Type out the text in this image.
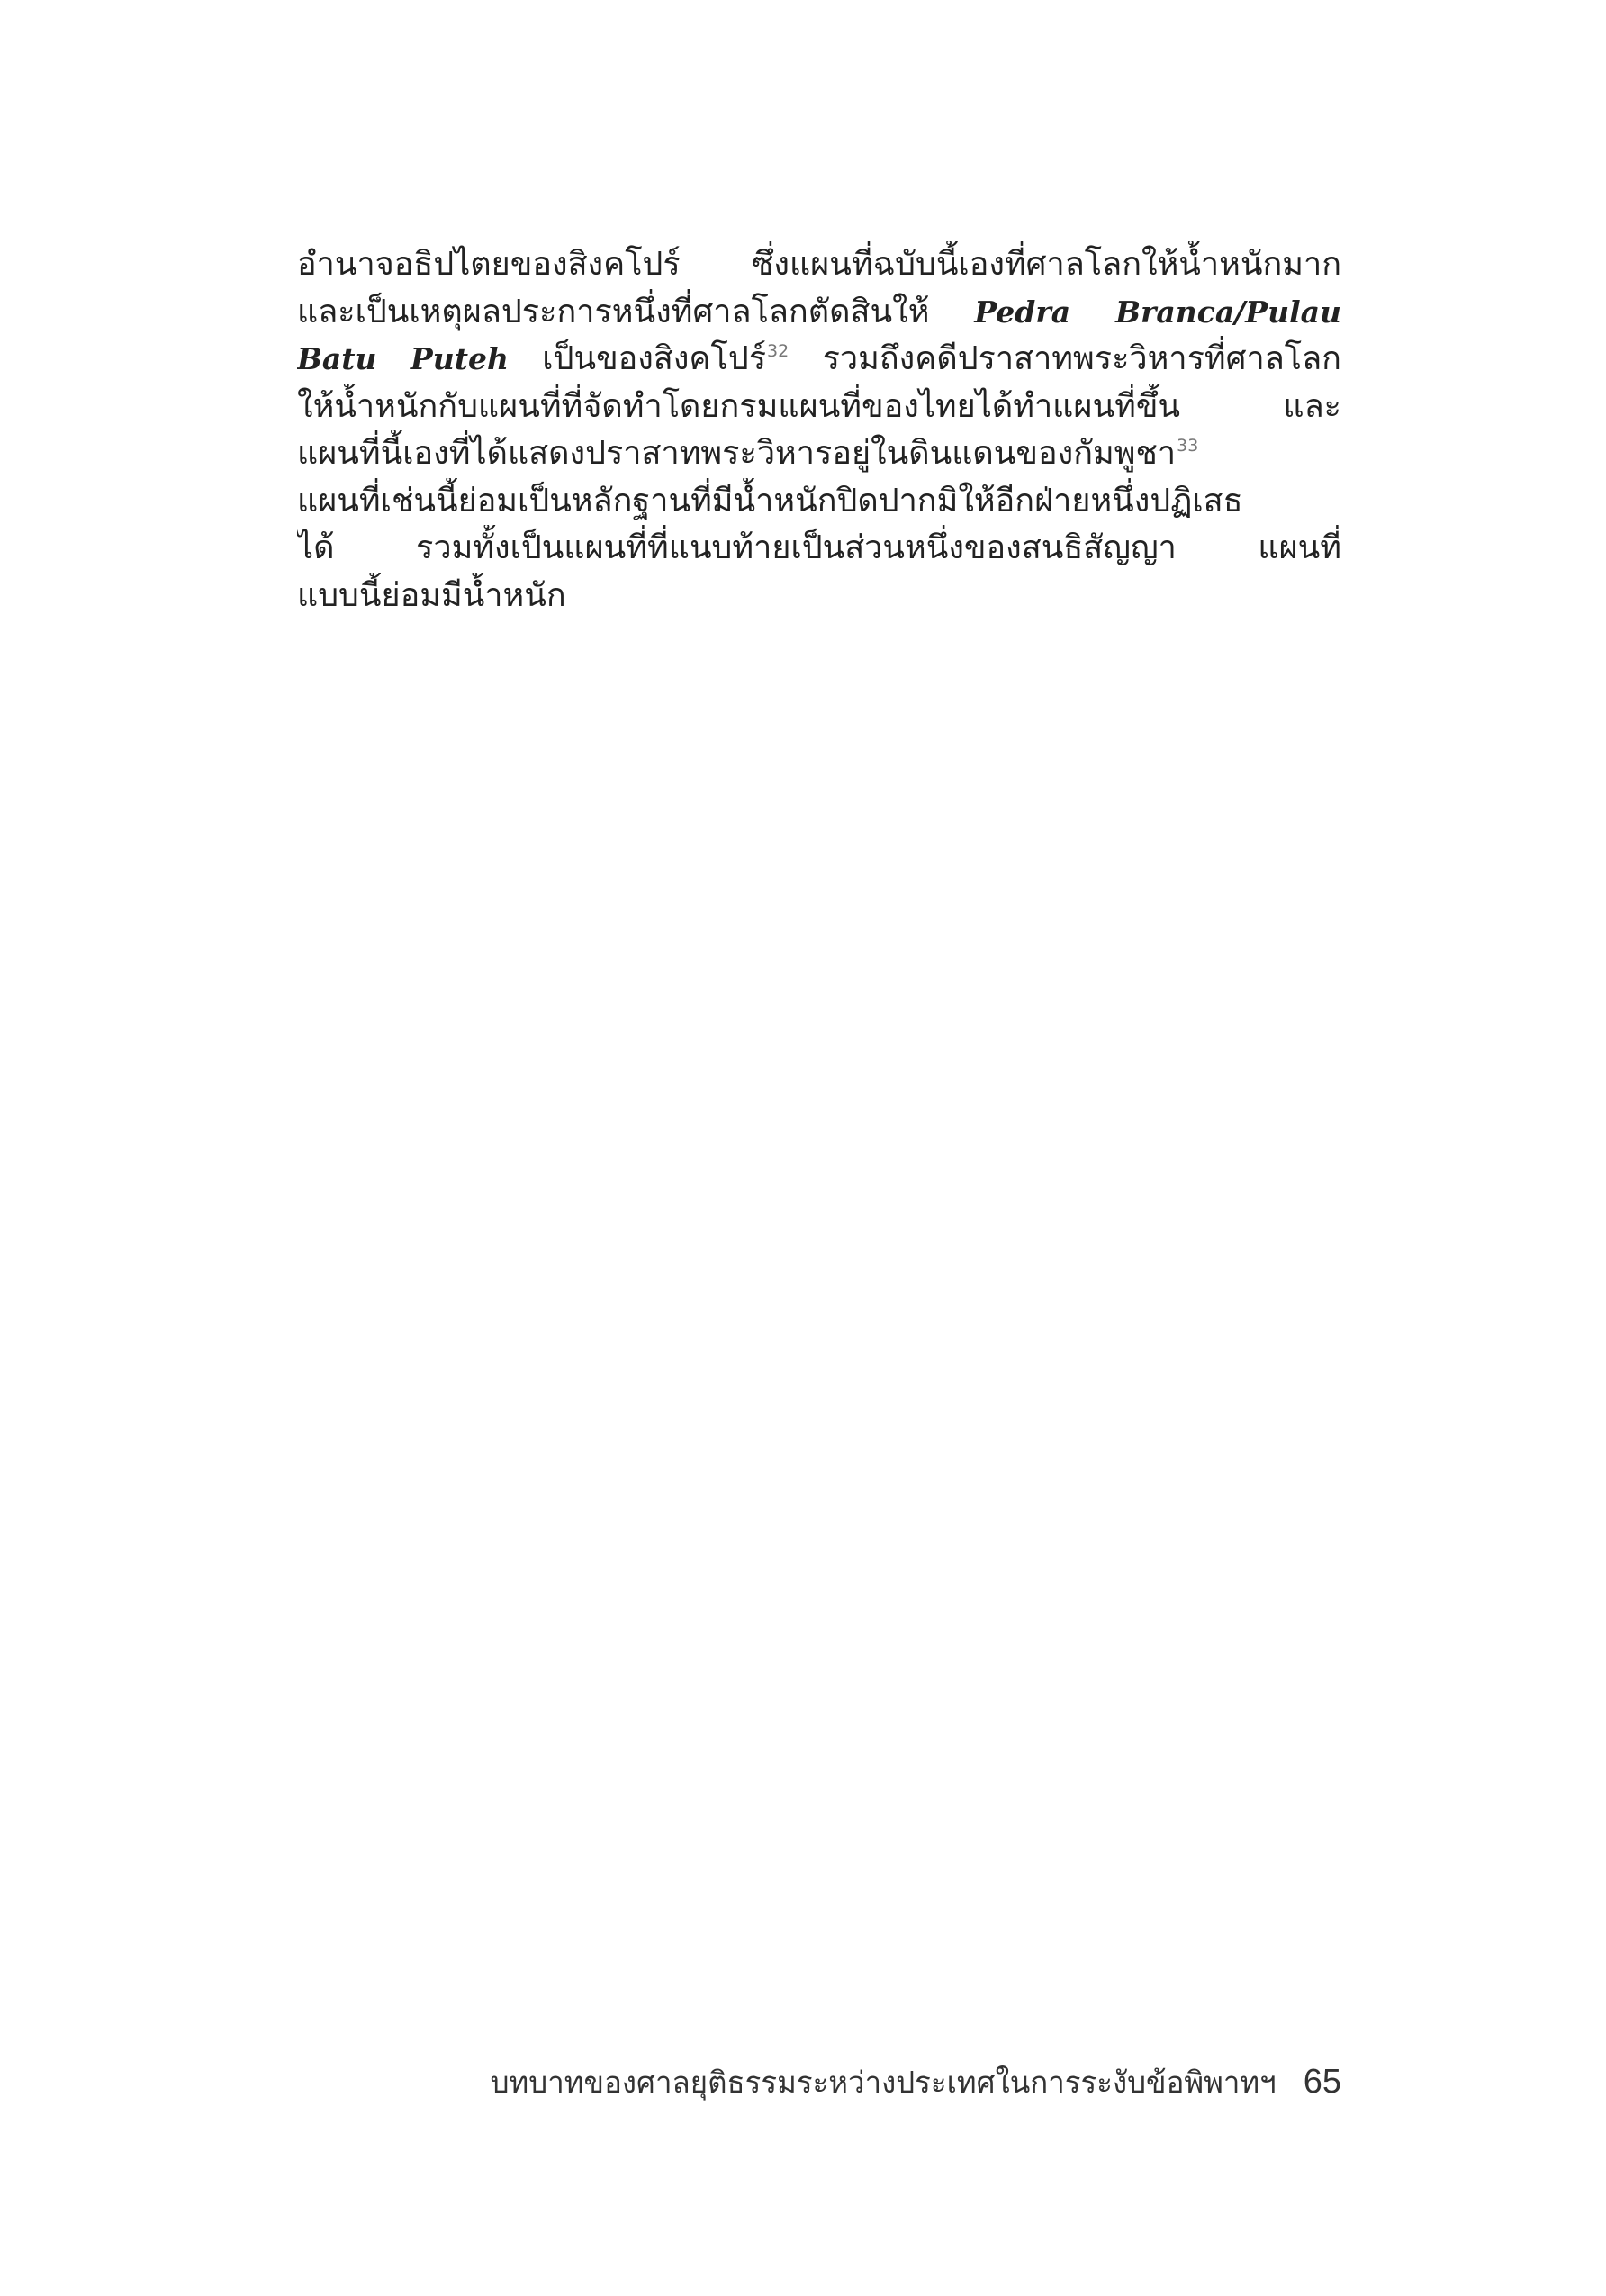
อำนาจอธิปไตยของสิงคโปร์ ซึ่งแผนที่ฉบับนี้เองที่ศาลโลกให้น้ำหนักมาก
และเป็นเหตุผลประการหนึ่งที่ศาลโลกตัดสินให้ Pedra Branca/Pulau
Batu Puteh เป็นของสิงคโปร์$^{32}$ รวมถึงคดีปราสาทพระวิหารที่ศาลโลก
ให้น้ำหนักกับแผนที่ที่จัดทำโดยกรมแผนที่ของไทยได้ทำแผนที่ขึ้น และ
แผนที่นี้เองที่ได้แสดงปราสาทพระวิหารอยู่ในดินแดนของกัมพูชา$^{33}$
แผนที่เช่นนี้ย่อมเป็นหลักฐานที่มีน้ำหนักปิดปากมิให้อีกฝ่ายหนึ่งปฏิเสธ
ได้ รวมทั้งเป็นแผนที่ที่แนบท้ายเป็นส่วนหนึ่งของสนธิสัญญา แผนที่
แบบนี้ย่อมมีน้ำหนัก
บทบาทของศาลยุติธรรมระหว่างประเทศในการระงับข้อพิพาทฯ 65
